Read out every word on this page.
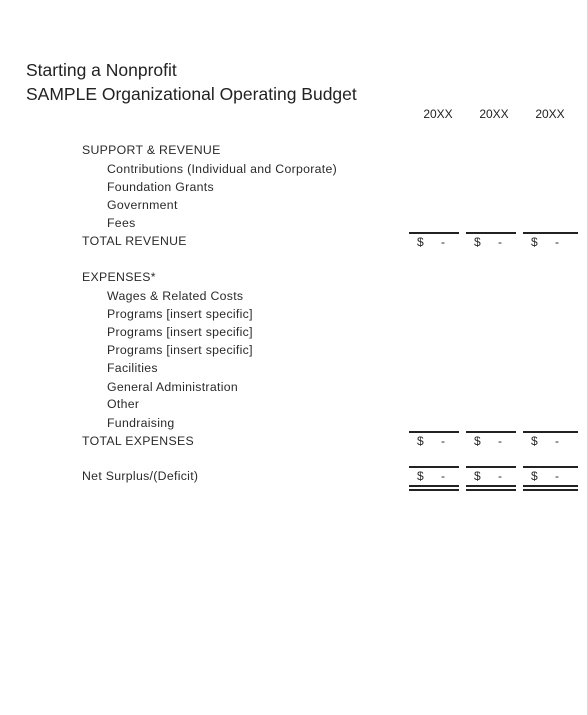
Starting a Nonprofit
SAMPLE Organizational Operating Budget
20XX	20XX	20XX
SUPPORT & REVENUE
Contributions (Individual and Corporate)
Foundation Grants
Government
Fees
TOTAL REVENUE	$ - $ - $ -
EXPENSES*
Wages & Related Costs
Programs [insert specific]
Programs [insert specific]
Programs [insert specific]
Facilities
General Administration
Other
Fundraising
TOTAL EXPENSES	$ - $ - $ -
Net Surplus/(Deficit)	$ - $ - $ -
